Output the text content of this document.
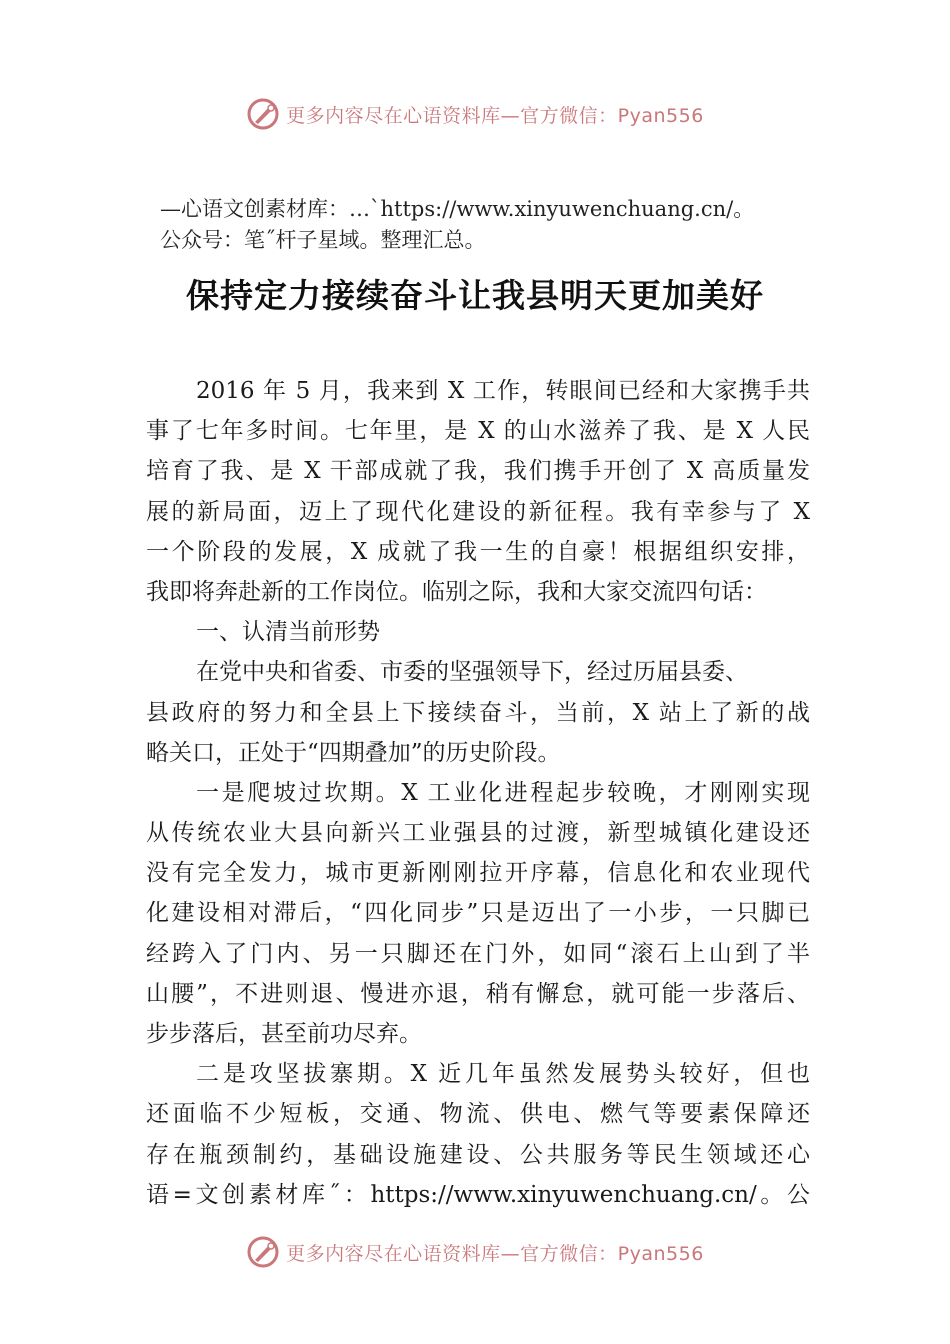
更多内容尽在心语资料库—官方微信：Pyan556
—心语文创素材库：…`https://www.xinyuwenchuang.cn/。
公众号：笔˝杆子星域。整理汇总。
保持定力接续奋斗让我县明天更加美好
2016 年 5 月，我来到 X 工作，转眼间已经和大家携手共
事了七年多时间。七年里，是 X 的山水滋养了我、是 X 人民
培育了我、是 X 干部成就了我，我们携手开创了 X 高质量发
展的新局面，迈上了现代化建设的新征程。我有幸参与了 X
一个阶段的发展，X 成就了我一生的自豪！根据组织安排，
我即将奔赴新的工作岗位。临别之际，我和大家交流四句话：
一、认清当前形势
在党中央和省委、市委的坚强领导下，经过历届县委、
县政府的努力和全县上下接续奋斗，当前，X 站上了新的战
略关口，正处于“四期叠加”的历史阶段。
一是爬坡过坎期。X 工业化进程起步较晚，才刚刚实现
从传统农业大县向新兴工业强县的过渡，新型城镇化建设还
没有完全发力，城市更新刚刚拉开序幕，信息化和农业现代
化建设相对滞后，“四化同步”只是迈出了一小步，一只脚已
经跨入了门内、另一只脚还在门外，如同“滚石上山到了半
山腰”，不进则退、慢进亦退，稍有懈怠，就可能一步落后、
步步落后，甚至前功尽弃。
二是攻坚拔寨期。X 近几年虽然发展势头较好，但也
还面临不少短板，交通、物流、供电、燃气等要素保障还
存在瓶颈制约，基础设施建设、公共服务等民生领域还心
语=文创素材库˝：https://www.xinyuwenchuang.cn/。公
更多内容尽在心语资料库—官方微信：Pyan556
